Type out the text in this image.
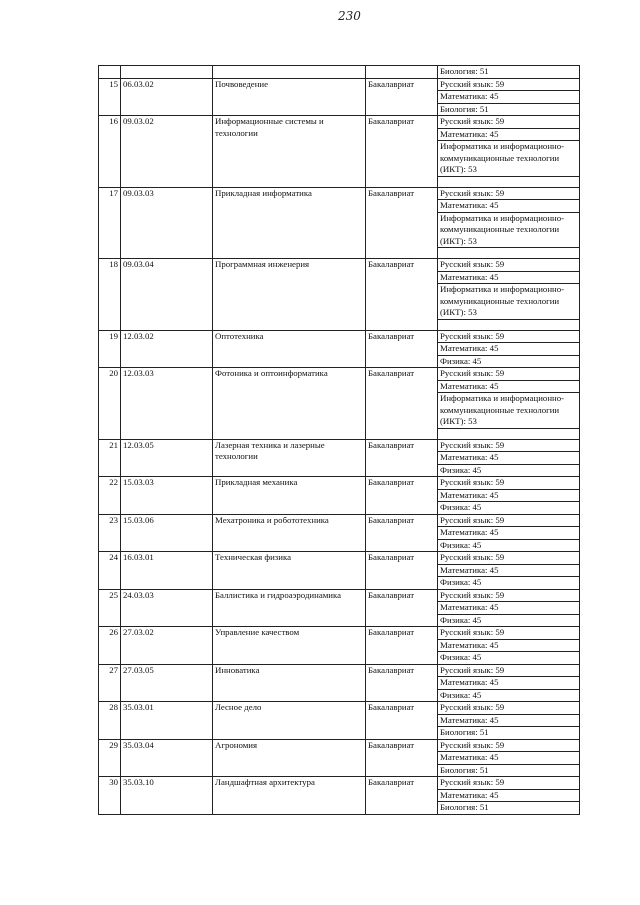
230
				Биология: 51
15	06.03.02	Почвоведение	Бакалавриат	Русский язык: 59
				Математика: 45
				Биология: 51
16	09.03.02	Информационные системы и технологии	Бакалавриат	Русский язык: 59
				Математика: 45
				Информатика и информационно-коммуникационные технологии (ИКТ): 53

17	09.03.03	Прикладная информатика	Бакалавриат	Русский язык: 59
				Математика: 45
				Информатика и информационно-коммуникационные технологии (ИКТ): 53

18	09.03.04	Программная инженерия	Бакалавриат	Русский язык: 59
				Математика: 45
				Информатика и информационно-коммуникационные технологии (ИКТ): 53

19	12.03.02	Оптотехника	Бакалавриат	Русский язык: 59
				Математика: 45
				Физика: 45
20	12.03.03	Фотоника и оптоинформатика	Бакалавриат	Русский язык: 59
				Математика: 45
				Информатика и информационно-коммуникационные технологии (ИКТ): 53

21	12.03.05	Лазерная техника и лазерные технологии	Бакалавриат	Русский язык: 59
				Математика: 45
				Физика: 45
22	15.03.03	Прикладная механика	Бакалавриат	Русский язык: 59
				Математика: 45
				Физика: 45
23	15.03.06	Мехатроника и робототехника	Бакалавриат	Русский язык: 59
				Математика: 45
				Физика: 45
24	16.03.01	Техническая физика	Бакалавриат	Русский язык: 59
				Математика: 45
				Физика: 45
25	24.03.03	Баллистика и гидроаэродинамика	Бакалавриат	Русский язык: 59
				Математика: 45
				Физика: 45
26	27.03.02	Управление качеством	Бакалавриат	Русский язык: 59
				Математика: 45
				Физика: 45
27	27.03.05	Инноватика	Бакалавриат	Русский язык: 59
				Математика: 45
				Физика: 45
28	35.03.01	Лесное дело	Бакалавриат	Русский язык: 59
				Математика: 45
				Биология: 51
29	35.03.04	Агрономия	Бакалавриат	Русский язык: 59
				Математика: 45
				Биология: 51
30	35.03.10	Ландшафтная архитектура	Бакалавриат	Русский язык: 59
				Математика: 45
				Биология: 51
